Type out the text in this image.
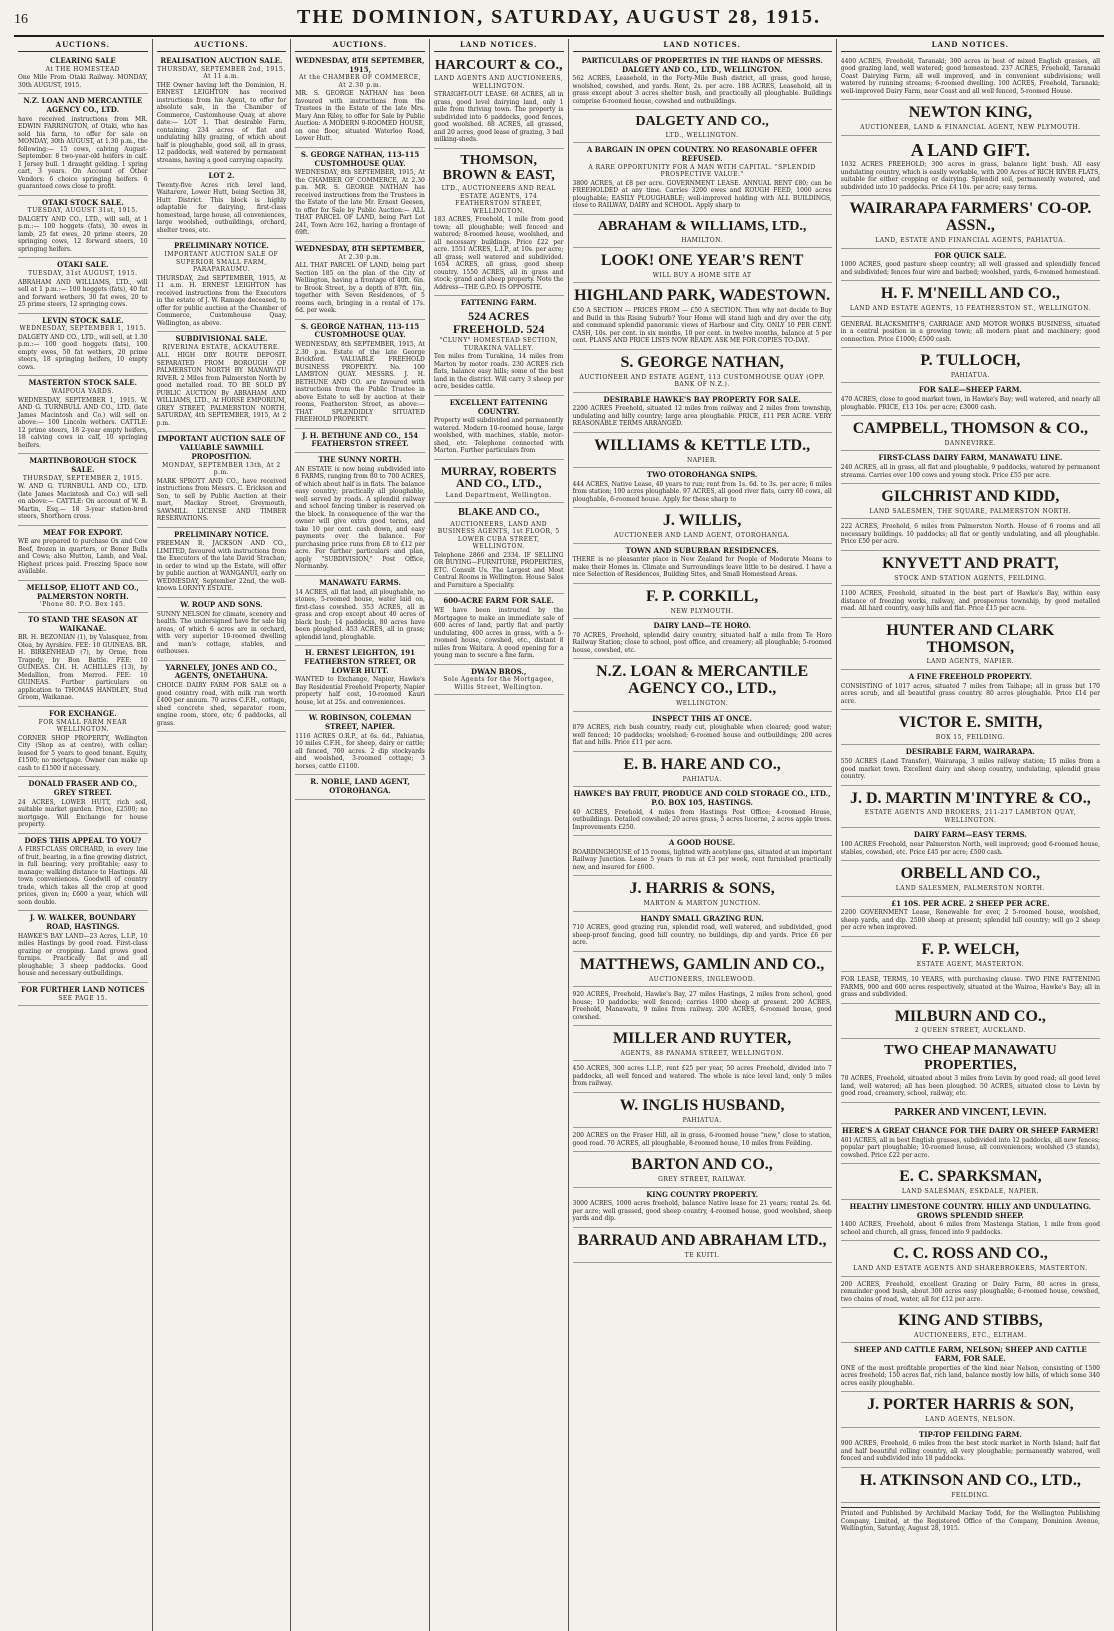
16	THE DOMINION, SATURDAY, AUGUST 28, 1915.
AUCTIONS.
CLEARING SALE
At THE HOMESTEAD

One Mile From Otaki Railway. MONDAY, 30th AUGUST, 1915.

N.Z. LOAN AND MERCANTILE AGENCY CO., LTD.

have received instructions from MR. EDWIN FARRINGTON, of Otaki, who has sold his farm, to offer for sale on MONDAY, 30th AUGUST, at 1.30 p.m., the following:— 15 cows, calving August-September. 8 two-year-old heifers in calf. 1 Jersey bull. 1 draught gelding. 1 spring cart, 3 years. On Account of Other Vendors: 6 choice springing heifers. 6 guaranteed cows close to profit.

OTAKI STOCK SALE.
TUESDAY, AUGUST 31st, 1915.

DALGETY AND CO., LTD., will sell, at 1 p.m.:— 100 hoggets (fats), 30 ewes in lamb, 25 fat ewes, 20 prime steers, 20 springing cows, 12 forward steers, 10 springing heifers.

OTAKI SALE.
TUESDAY, 31st AUGUST, 1915.

ABRAHAM AND WILLIAMS, LTD., will sell at 1 p.m.:— 100 hoggets (fats), 40 fat and forward wethers, 30 fat ewes, 20 to 25 prime steers, 12 springing cows.

LEVIN STOCK SALE.
WEDNESDAY, SEPTEMBER 1, 1915.

DALGETY AND CO., LTD., will sell, at 1.30 p.m.:— 100 good hoggets (fats), 100 empty ewes, 50 fat wethers, 20 prime steers, 18 springing heifers, 10 empty cows.

MASTERTON STOCK SALE.
WAIPOUA YARDS.

WEDNESDAY, SEPTEMBER 1, 1915. W. AND G. TURNBULL AND CO., LTD. (late James Macintosh and Co.) will sell on above:— 100 Lincoln wethers. CATTLE: 12 prime steers, 18 2-year empty heifers, 18 calving cows in calf, 10 springing heifers.

MARTINBOROUGH STOCK SALE.
THURSDAY, SEPTEMBER 2, 1915.

W. AND G. TURNBULL AND CO., LTD. (late James Macintosh and Co.) will sell on above:— CATTLE: On account of W. B. Martin, Esq.— 18 3-year station-bred steers, Shorthorn cross.

MEAT FOR EXPORT.

WE are prepared to purchase Ox and Cow Beef, frozen in quarters, or Boner Bulls and Cows; also Mutton, Lamb, and Veal. Highest prices paid. Freezing Space now available.

MELLSOP, ELIOTT AND CO., PALMERSTON NORTH.
'Phone 80. P.O. Box 145.
TO STAND THE SEASON AT WAIKANAE.

BR. H. BEZONIAN (1), by Valasquez, from Olea, by Ayrshire. FEE: 10 GUINEAS. BR. H. BIRKENHEAD (7), by Orme, from Tragedy, by Bon Battle. FEE: 10 GUINEAS. CH. H. ACHILLES (13), by Medallion, from Merrod. FEE: 10 GUINEAS. Further particulars on application to THOMAS HANDLEY, Stud Groom, Waikanae.

FOR EXCHANGE.
FOR SMALL FARM NEAR WELLINGTON.

CORNER SHOP PROPERTY, Wellington City (Shop as at centre), with cellar; leased for 5 years to good tenant. Equity, £1500; no mortgage. Owner can make up cash to £1500 if necessary.

DONALD FRASER AND CO., GREY STREET.

24 ACRES, LOWER HUTT, rich soil, suitable market garden. Price, £2500; no mortgage. Will Exchange for house property.

DOES THIS APPEAL TO YOU?

A FIRST-CLASS ORCHARD, in every line of fruit, bearing, in a fine growing district, in full bearing; very profitable; easy to manage; walking distance to Hastings. All town conveniences. Goodwill of country trade, which takes all the crop at good prices, given in; £600 a year, which will soon double.

J. W. WALKER, BOUNDARY ROAD, HASTINGS.

HAWKE'S BAY LAND—23 Acres, L.I.P., 10 miles Hastings by good road. First-class grazing or cropping. Land grows good turnips. Practically flat and all ploughable; 3 sheep paddocks. Good house and necessary outbuildings.

FOR FURTHER LAND NOTICES
SEE PAGE 15.
AUCTIONS.
REALISATION AUCTION SALE.
THURSDAY, SEPTEMBER 2nd, 1915. At 11 a.m.

THE Owner having left the Dominion, H. ERNEST LEIGHTON has received instructions from his Agent, to offer for absolute sale, in the Chamber of Commerce, Customhouse Quay, at above date:— LOT 1. That desirable Farm, containing 234 acres of flat and undulating hilly grazing, of which about half is ploughable, good soil, all in grass, 12 paddocks, well watered by permanent streams, having a good carrying capacity.

LOT 2.

Twenty-five Acres rich level land, Waitarere, Lower Hutt, being Section 38, Hutt District. This block is highly adaptable for dairying, first-class homestead, large house, all conveniences, large woolshed, outbuildings, orchard, shelter trees, etc.

PRELIMINARY NOTICE.
IMPORTANT AUCTION SALE OF SUPERIOR SMALL FARM, PARAPARAUMU.

THURSDAY, 2nd SEPTEMBER, 1915, At 11 a.m. H. ERNEST LEIGHTON has received instructions from the Executors in the estate of J. W. Ramage deceased, to offer for public auction at the Chamber of Commerce, Customhouse Quay, Wellington, as above.

SUBDIVISIONAL SALE.
RIVERINA ESTATE, ACKAUTERE.

ALL HIGH DRY ROUTE DEPOSIT. SEPARATED FROM BOROUGH OF PALMERSTON NORTH BY MANAWATU RIVER. 2 Miles from Palmerston North by good metalled road. TO BE SOLD BY PUBLIC AUCTION By ABRAHAM AND WILLIAMS, LTD., At HORSE EMPORIUM, GREY STREET, PALMERSTON NORTH, SATURDAY, 4th SEPTEMBER, 1915, At 2 p.m.

IMPORTANT AUCTION SALE OF VALUABLE SAWMILL PROPOSITION.
MONDAY, SEPTEMBER 13th, At 2 p.m.

MARK SPROTT AND CO., have received instructions from Messrs. C. Erickson and Son, to sell by Public Auction at their mart, Mackay Street, Greymouth, SAWMILL LICENSE AND TIMBER RESERVATIONS.

PRELIMINARY NOTICE.

FREEMAN R. JACKSON AND CO., LIMITED, favoured with instructions from the Executors of the late David Strachan, in order to wind up the Estate, will offer by public auction at WANGANUI, early on WEDNESDAY, September 22nd, the well-known LORNTY ESTATE.

W. ROUP AND SONS.

SUNNY NELSON for climate, scenery and health. The undersigned have for sale big areas, of which 6 acres are in orchard, with very superior 10-roomed dwelling and man's cottage, stables, and outhouses.

YARNELEY, JONES AND CO., AGENTS, ONETAHUNA.

CHOICE DAIRY FARM FOR SALE on a good country road, with milk run worth £400 per annum. 70 acres C.F.H., cottage, shed concrete shed, separator room, engine room, store, etc; 6 paddocks, all grass.

AUCTIONS.
WEDNESDAY, 8TH SEPTEMBER, 1915,
At the CHAMBER OF COMMERCE, At 2.30 p.m.

MR. S. GEORGE NATHAN has been favoured with instructions from the Trustees in the Estate of the late Mrs. Mary Ann Riley, to offer for Sale by Public Auction: A MODERN 9-ROOMED HOUSE, on one floor, situated Waterloo Road, Lower Hutt.

S. GEORGE NATHAN, 113-115 CUSTOMHOUSE QUAY.

WEDNESDAY, 8th SEPTEMBER, 1915, At the CHAMBER OF COMMERCE, At 2.30 p.m. MR. S. GEORGE NATHAN has received instructions from the Trustees in the Estate of the late Mr. Ernest Geesen, to offer for Sale by Public Auction:— ALL THAT PARCEL OF LAND, being Part Lot 241, Town Acre 162, having a frontage of 69ft.

WEDNESDAY, 8TH SEPTEMBER,
At 2.30 p.m.

ALL THAT PARCEL OF LAND, being part Section 185 on the plan of the City of Wellington, having a frontage of 40ft. 6in. to Brook Street, by a depth of 87ft. 6in., together with Seven Residences, of 5 rooms each, bringing in a rental of 17s. 6d. per week.

S. GEORGE NATHAN, 113-115 CUSTOMHOUSE QUAY.

WEDNESDAY, 8th SEPTEMBER, 1915, At 2.30 p.m. Estate of the late George Brickford. VALUABLE FREEHOLD BUSINESS PROPERTY. No. 100 LAMBTON QUAY. MESSRS. J. H. BETHUNE AND CO. are favoured with instructions from the Public Trustee in above Estate to sell by auction at their rooms, Featherston Street, as above:— THAT SPLENDIDLY SITUATED FREEHOLD PROPERTY.

J. H. BETHUNE AND CO., 154 FEATHERSTON STREET.
THE SUNNY NORTH.

AN ESTATE is now being subdivided into 8 FARMS, ranging from 80 to 700 ACRES, of which about half is in flats. The balance easy country; practically all ploughable, well served by roads. A splendid railway and school fencing timber is reserved on the block. In consequence of the war the owner will give extra good terms, and take 10 per cent. cash down, and easy payments over the balance. For purchasing price runs from £8 to £12 per acre. For further particulars and plan, apply "SUBDIVISION," Post Office, Normanby.

MANAWATU FARMS.

14 ACRES, all flat land, all ploughable, no stones, 5-roomed house, water laid on, first-class cowshed. 353 ACRES, all in grass and crop except about 40 acres of black bush; 14 paddocks, 80 acres have been ploughed. 453 ACRES, all in grass; splendid land, ploughable.

H. ERNEST LEIGHTON, 191 FEATHERSTON STREET, OR LOWER HUTT.

WANTED to Exchange, Napier, Hawke's Bay Residential Freehold Property, Napier property half cost, 10-roomed Kauri house, let at 25s. and conveniences.

W. ROBINSON, COLEMAN STREET, NAPIER.

1116 ACRES O.R.P., at 6s. 6d., Pahiatua, 10 miles C.F.H., for sheep, dairy or cattle; all fenced, 700 acres. 2 dip stockyards and woolshed, 3-roomed cottage; 3 horses, cattle £1100.

R. NOBLE, LAND AGENT, OTOROHANGA.
LAND NOTICES.
HARCOURT & CO.,
LAND AGENTS AND AUCTIONEERS, WELLINGTON.

STRAIGHT-OUT LEASE. 68 ACRES, all in grass, good level dairying land, only 1 mile from thriving town. The property is subdivided into 6 paddocks, good fences, good woolshed. 88 ACRES, all grassed, and 20 acres, good lease of grazing, 3 bail milking-sheds.

THOMSON, BROWN & EAST,
LTD., AUCTIONEERS AND REAL ESTATE AGENTS, 174 FEATHERSTON STREET, WELLINGTON.

183 ACRES, Freehold, 1 mile from good town; all ploughable; well fenced and watered; 8-roomed house, woolshed, and all necessary buildings. Price £22 per acre. 1551 ACRES, L.I.P., at 10s. per acre; all grass; well watered and subdivided. 1654 ACRES, all grass, good sheep country. 1550 ACRES, all in grass and stock; grand and sheep property. Note the Address—THE G.P.O. IS OPPOSITE.

FATTENING FARM.
524 ACRES FREEHOLD. 524
"CLUNY" HOMESTEAD SECTION, TURAKINA VALLEY.

Ten miles from Turakina, 14 miles from Marton by motor roads. 230 ACRES rich flats, balance easy hills; some of the best land in the district. Will carry 3 sheep per acre, besides cattle.

EXCELLENT FATTENING COUNTRY.

Property well subdivided and permanently watered. Modern 10-roomed house, large woolshed, with machines, stable, motor-shed, etc. Telephone connected with Marton. Further particulars from

MURRAY, ROBERTS AND CO., LTD.,
Land Department, Wellington.
BLAKE AND CO.,
AUCTIONEERS, LAND AND BUSINESS AGENTS, 1st FLOOR, 5 LOWER CUBA STREET, WELLINGTON.

Telephone 2866 and 2334. IF SELLING OR BUYING—FURNITURE, PROPERTIES, ETC. Consult Us. The Largest and Most Central Rooms in Wellington. House Sales and Furniture a Speciality.

600-ACRE FARM FOR SALE.

WE have been instructed by the Mortgagee to make an immediate sale of 600 acres of land, partly flat and partly undulating, 400 acres in grass, with a 5-roomed house, cowshed, etc., distant 8 miles from Waitara. A good opening for a young man to secure a fine farm.

DWAN BROS.,
Sole Agents for the Mortgagee, Willis Street, Wellington.
LAND NOTICES.
PARTICULARS OF PROPERTIES IN THE HANDS OF MESSRS. DALGETY AND CO., LTD., WELLINGTON.

562 ACRES, Leasehold, in the Forty-Mile Bush district, all grass, good house, woolshed, cowshed, and yards. Rent, 2s. per acre. 188 ACRES, Leasehold, all in grass except about 3 acres shelter bush, and practically all ploughable. Buildings comprise 6-roomed house, cowshed and outbuildings.

DALGETY AND CO.,
LTD., WELLINGTON.
A BARGAIN IN OPEN COUNTRY. NO REASONABLE OFFER REFUSED.
A RARE OPPORTUNITY FOR A MAN WITH CAPITAL. "SPLENDID PROSPECTIVE VALUE."

3800 ACRES, at £8 per acre. GOVERNMENT LEASE. ANNUAL RENT £80; can be FREEHOLDED at any time. Carries 3200 ewes and ROUGH FEED, 1000 acres ploughable; EASILY PLOUGHABLE; well-improved holding with ALL BUILDINGS, close to RAILWAY, DAIRY and SCHOOL. Apply sharp to

ABRAHAM & WILLIAMS, LTD.,
HAMILTON.
LOOK! ONE YEAR'S RENT
WILL BUY A HOME SITE AT
HIGHLAND PARK, WADESTOWN.

£50 A SECTION — PRICES FROM — £50 A SECTION. Then why not decide to Buy and Build in this Rising Suburb? Your Home will stand high and dry over the city, and command splendid panoramic views of Harbour and City. ONLY 10 PER CENT. CASH, 10s. per cent. in six months, 10 per cent. in twelve months, balance at 5 per cent. PLANS AND PRICE LISTS NOW READY. ASK ME FOR COPIES TO-DAY.

S. GEORGE NATHAN,
AUCTIONEER AND ESTATE AGENT, 113 CUSTOMHOUSE QUAY (OPP. BANK OF N.Z.).
DESIRABLE HAWKE'S BAY PROPERTY FOR SALE.

2200 ACRES Freehold, situated 12 miles from railway and 2 miles from township, undulating and hilly country; large area ploughable. PRICE, £11 PER ACRE. VERY REASONABLE TERMS ARRANGED.

WILLIAMS & KETTLE LTD.,
NAPIER.
TWO OTOROHANGA SNIPS.

444 ACRES, Native Lease, 40 years to run; rent from 1s. 6d. to 3s. per acre; 6 miles from station; 100 acres ploughable. 97 ACRES, all good river flats, carry 60 cows, all ploughable, 6-roomed house. Apply for these sharp to

J. WILLIS,
AUCTIONEER AND LAND AGENT, OTOROHANGA.
TOWN AND SUBURBAN RESIDENCES.

THERE is no pleasanter place in New Zealand for People of Moderate Means to make their Homes in. Climate and Surroundings leave little to be desired. I have a nice Selection of Residences, Building Sites, and Small Homestead Areas.

F. P. CORKILL,
NEW PLYMOUTH.
DAIRY LAND—TE HORO.

70 ACRES, Freehold, splendid dairy country, situated half a mile from Te Horo Railway Station; close to school, post office, and creamery; all ploughable; 5-roomed house, cowshed, etc.

N.Z. LOAN & MERCANTILE AGENCY CO., LTD.,
WELLINGTON.
INSPECT THIS AT ONCE.

879 ACRES, rich bush country, ready cut, ploughable when cleared; good water; well fenced; 10 paddocks; woolshed; 6-roomed house and outbuildings; 200 acres flat and hills. Price £11 per acre.

E. B. HARE AND CO.,
PAHIATUA.
HAWKE'S BAY FRUIT, PRODUCE AND COLD STORAGE CO., LTD., P.O. BOX 105, HASTINGS.

40 ACRES, Freehold, 4 miles from Hastings Post Office; 4-roomed House, outbuildings. Detailed cowshed; 20 acres grass, 5 acres lucerne, 2 acres apple trees. Improvements £250.

A GOOD HOUSE.

BOARDINGHOUSE of 15 rooms, lighted with acetylene gas, situated at an important Railway Junction. Lease 5 years to run at £3 per week, rent furnished practically new, and insured for £600.

J. HARRIS & SONS,
MARTON & MARTON JUNCTION.
HANDY SMALL GRAZING RUN.

710 ACRES, good grazing run, splendid road, well watered, and subdivided, good sheep-proof fencing, good hill country, no buildings, dip and yards. Price £6 per acre.

MATTHEWS, GAMLIN AND CO.,
AUCTIONEERS, INGLEWOOD.

920 ACRES, Freehold, Hawke's Bay, 27 miles Hastings, 2 miles from school, good house; 10 paddocks; well fenced; carries 1800 sheep at present. 200 ACRES, Freehold, Manawatu, 9 miles from railway. 200 ACRES, 6-roomed house, good cowshed.

MILLER AND RUYTER,
AGENTS, 88 PANAMA STREET, WELLINGTON.

450 ACRES, 300 acres L.I.P., rent £25 per year, 50 acres Freehold, divided into 7 paddocks, all well fenced and watered. The whole is nice level land, only 5 miles from railway.

W. INGLIS HUSBAND,
PAHIATUA.

200 ACRES on the Fraser Hill, all in grass, 6-roomed house "new," close to station, good road. 70 ACRES, all ploughable, 8-roomed house, 10 miles from Feilding.

BARTON AND CO.,
GREY STREET, RAILWAY.
KING COUNTRY PROPERTY.

3000 ACRES, 1000 acres freehold, balance Native lease for 21 years; rental 2s. 6d. per acre; well grassed, good sheep country, 4-roomed house, good woolshed, sheep yards and dip.

BARRAUD AND ABRAHAM LTD.,
TE KUITI.
LAND NOTICES.

4400 ACRES, Freehold, Taranaki; 300 acres in best of mixed English grasses, all good grazing land, well watered; good homestead. 237 ACRES, Freehold, Taranaki Coast Dairying Farm, all well improved, and in convenient subdivisions; well watered by running streams; 6-roomed dwelling. 100 ACRES, Freehold, Taranaki; well-improved Dairy Farm, near Coast and all well fenced, 5-roomed House.

NEWTON KING,
AUCTIONEER, LAND & FINANCIAL AGENT, NEW PLYMOUTH.
A LAND GIFT.

1032 ACRES FREEHOLD; 300 acres in grass, balance light bush. All easy undulating country, which is easily workable, with 200 Acres of RICH RIVER FLATS, suitable for either cropping or dairying. Splendid soil, permanently watered, and subdivided into 10 paddocks. Price £4 10s. per acre; easy terms.

WAIRARAPA FARMERS' CO-OP. ASSN.,
LAND, ESTATE AND FINANCIAL AGENTS, PAHIATUA.
FOR QUICK SALE.

1000 ACRES, good pasture sheep country; all well grassed and splendidly fenced and subdivided; fences four wire and barbed; woolshed, yards, 6-roomed homestead.

H. F. M'NEILL AND CO.,
LAND AND ESTATE AGENTS, 15 FEATHERSTON ST., WELLINGTON.

GENERAL BLACKSMITH'S, CARRIAGE AND MOTOR WORKS BUSINESS, situated in a central position in a growing town; all modern plant and machinery; good connection. Price £1000; £500 cash.

P. TULLOCH,
PAHIATUA.
FOR SALE—SHEEP FARM.

470 ACRES, close to good market town, in Hawke's Bay; well watered, and nearly all ploughable. PRICE, £13 10s. per acre; £3000 cash.

CAMPBELL, THOMSON & CO.,
DANNEVIRKE.
FIRST-CLASS DAIRY FARM, MANAWATU LINE.

240 ACRES, all in grass, all flat and ploughable, 9 paddocks, watered by permanent streams. Carries over 100 cows and young stock. Price £55 per acre.

GILCHRIST AND KIDD,
LAND SALESMEN, THE SQUARE, PALMERSTON NORTH.

222 ACRES, Freehold, 6 miles from Palmerston North. House of 6 rooms and all necessary buildings. 10 paddocks; all flat or gently undulating, and all ploughable. Price £50 per acre.

KNYVETT AND PRATT,
STOCK AND STATION AGENTS, FEILDING.

1100 ACRES, Freehold, situated in the best part of Hawke's Bay, within easy distance of freezing works, railway, and prosperous township, by good metalled road. All hard country, easy hills and flat. Price £15 per acre.

HUNTER AND CLARK THOMSON,
LAND AGENTS, NAPIER.
A FINE FREEHOLD PROPERTY.

CONSISTING of 1017 acres, situated 7 miles from Taihape; all in grass but 170 acres scrub, and all beautiful grass country. 80 acres ploughable. Price £14 per acre.

VICTOR E. SMITH,
BOX 15, FEILDING.
DESIRABLE FARM, WAIRARAPA.

550 ACRES (Land Transfer), Wairarapa, 3 miles railway station; 15 miles from a good market town. Excellent dairy and sheep country, undulating, splendid grass country.

J. D. MARTIN M'INTYRE & CO.,
ESTATE AGENTS AND BROKERS, 211-217 LAMBTON QUAY, WELLINGTON.
DAIRY FARM—EASY TERMS.

100 ACRES Freehold, near Palmerston North, well improved; good 6-roomed house, stables, cowshed, etc. Price £45 per acre; £500 cash.

ORBELL AND CO.,
LAND SALESMEN, PALMERSTON NORTH.
£1 10S. PER ACRE. 2 SHEEP PER ACRE.

2200 GOVERNMENT Lease, Renewable for ever, 2 5-roomed house, woolshed, sheep yards, and dip. 2500 sheep at present; splendid hill country; will go 2 sheep per acre when improved.

F. P. WELCH,
ESTATE AGENT, MASTERTON.

FOR LEASE, TERMS, 10 YEARS, with purchasing clause. TWO FINE FATTENING FARMS, 900 and 600 acres respectively, situated at the Wairoa, Hawke's Bay; all in grass and subdivided.

MILBURN AND CO.,
2 QUEEN STREET, AUCKLAND.
TWO CHEAP MANAWATU PROPERTIES,

70 ACRES, Freehold, situated about 3 miles from Levin by good road; all good level land, well watered; all has been ploughed. 50 ACRES, situated close to Levin by good road, creamery, school, railway, etc.

PARKER AND VINCENT, LEVIN.
HERE'S A GREAT CHANCE FOR THE DAIRY OR SHEEP FARMER!

401 ACRES, all in best English grasses, subdivided into 12 paddocks, all new fences; popular part ploughable; 10-roomed house, all conveniences; woolshed (3 stands), cowshed. Price £22 per acre.

E. C. SPARKSMAN,
LAND SALESMAN, ESKDALE, NAPIER.
HEALTHY LIMESTONE COUNTRY. HILLY AND UNDULATING. GROWS SPLENDID SHEEP.

1400 ACRES, Freehold, about 6 miles from Mastenga Station, 1 mile from good school and church, all grass, fenced into 9 paddocks.

C. C. ROSS AND CO.,
LAND AND ESTATE AGENTS AND SHAREBROKERS, MASTERTON.

200 ACRES, Freehold, excellent Grazing or Dairy Farm, 80 acres in grass, remainder good bush, about 300 acres easy ploughable; 6-roomed house, cowshed, two chains of road, water, all for £12 per acre.

KING AND STIBBS,
AUCTIONEERS, ETC., ELTHAM.
SHEEP AND CATTLE FARM, NELSON; SHEEP AND CATTLE FARM, FOR SALE.

ONE of the most profitable properties of the kind near Nelson, consisting of 1500 acres freehold; 150 acres flat, rich land, balance mostly low hills, of which some 340 acres easily ploughable.

J. PORTER HARRIS & SON,
LAND AGENTS, NELSON.
TIP-TOP FEILDING FARM.

900 ACRES, Freehold, 6 miles from the best stock market in North Island; half flat and half beautiful rolling country, all very ploughable; permanently watered, well fenced and subdivided into 18 paddocks.

H. ATKINSON AND CO., LTD.,
FEILDING.
Printed and Published by Archibald Mackay Todd, for the Wellington Publishing Company, Limited, at the Registered Office of the Company, Dominion Avenue, Wellington, Saturday, August 28, 1915.
